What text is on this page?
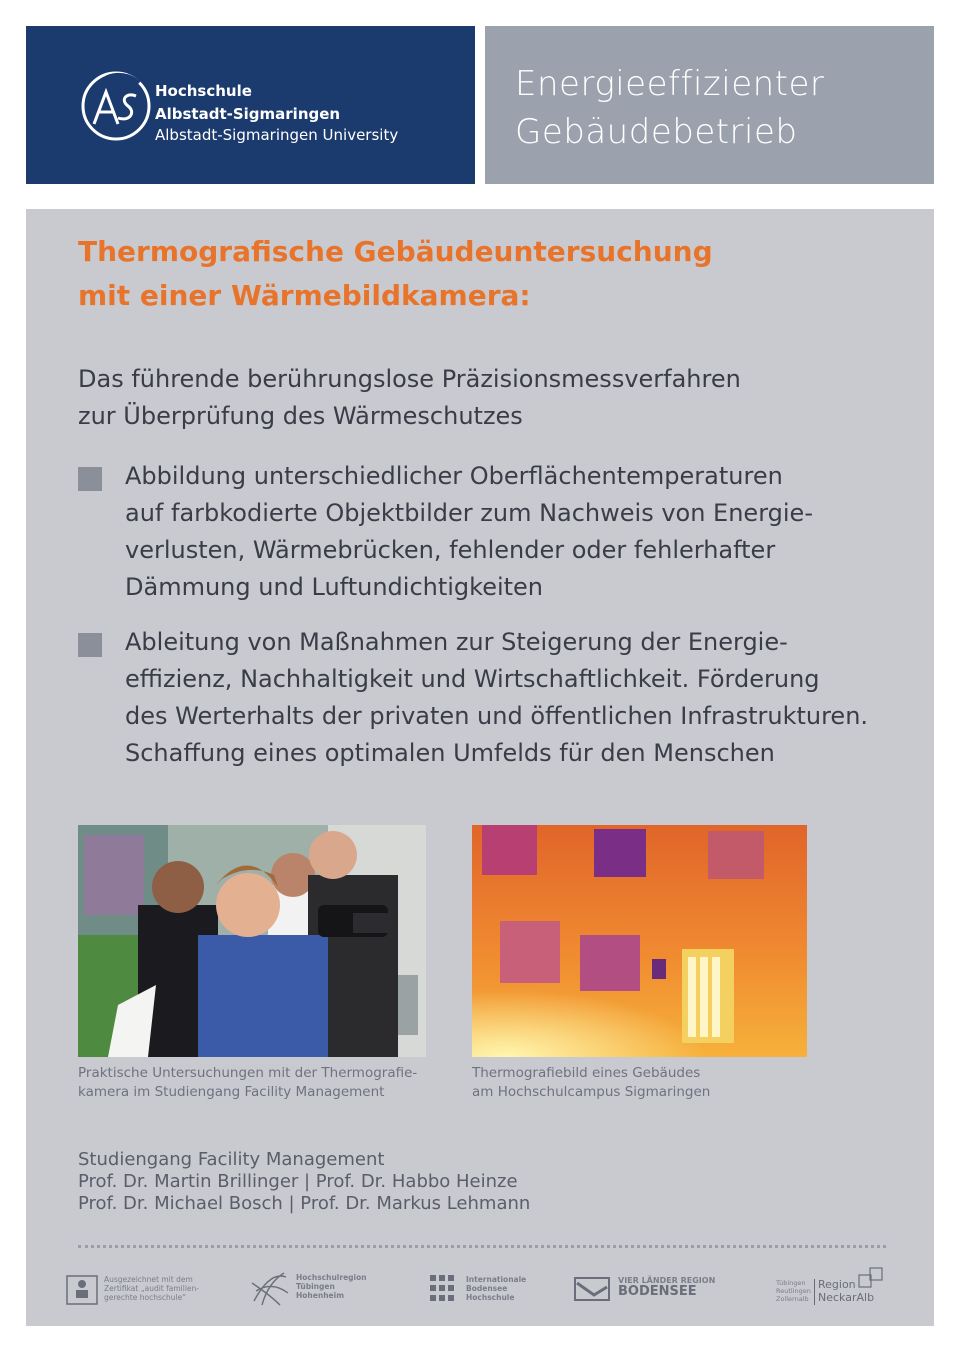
Hochschule
Albstadt-Sigmaringen
Albstadt-Sigmaringen University
Energieeffizienter
Gebäudebetrieb
Thermografische Gebäudeuntersuchung
mit einer Wärmebildkamera:
Das führende berührungslose Präzisionsmessverfahren
zur Überprüfung des Wärmeschutzes
Abbildung unterschiedlicher Oberflächentemperaturen
auf farbkodierte Objektbilder zum Nachweis von Energie-
verlusten, Wärmebrücken, fehlender oder fehlerhafter
Dämmung und Luftundichtigkeiten
Ableitung von Maßnahmen zur Steigerung der Energie-
effizienz, Nachhaltigkeit und Wirtschaftlichkeit. Förderung
des Werterhalts der privaten und öffentlichen Infrastrukturen.
Schaffung eines optimalen Umfelds für den Menschen
Praktische Untersuchungen mit der Thermografie-
kamera im Studiengang Facility Management
Thermografiebild eines Gebäudes
am Hochschulcampus Sigmaringen
Studiengang Facility Management
Prof. Dr. Martin Brillinger | Prof. Dr. Habbo Heinze
Prof. Dr. Michael Bosch | Prof. Dr. Markus Lehmann
Ausgezeichnet mit dem
Zertifikat „audit familien-
gerechte hochschule“
Hochschulregion
Tübingen
Hohenheim
Internationale
Bodensee
Hochschule
VIER LÄNDER REGION
BODENSEE
Tübingen
Reutlingen
Zollernalb
Region
NeckarAlb
